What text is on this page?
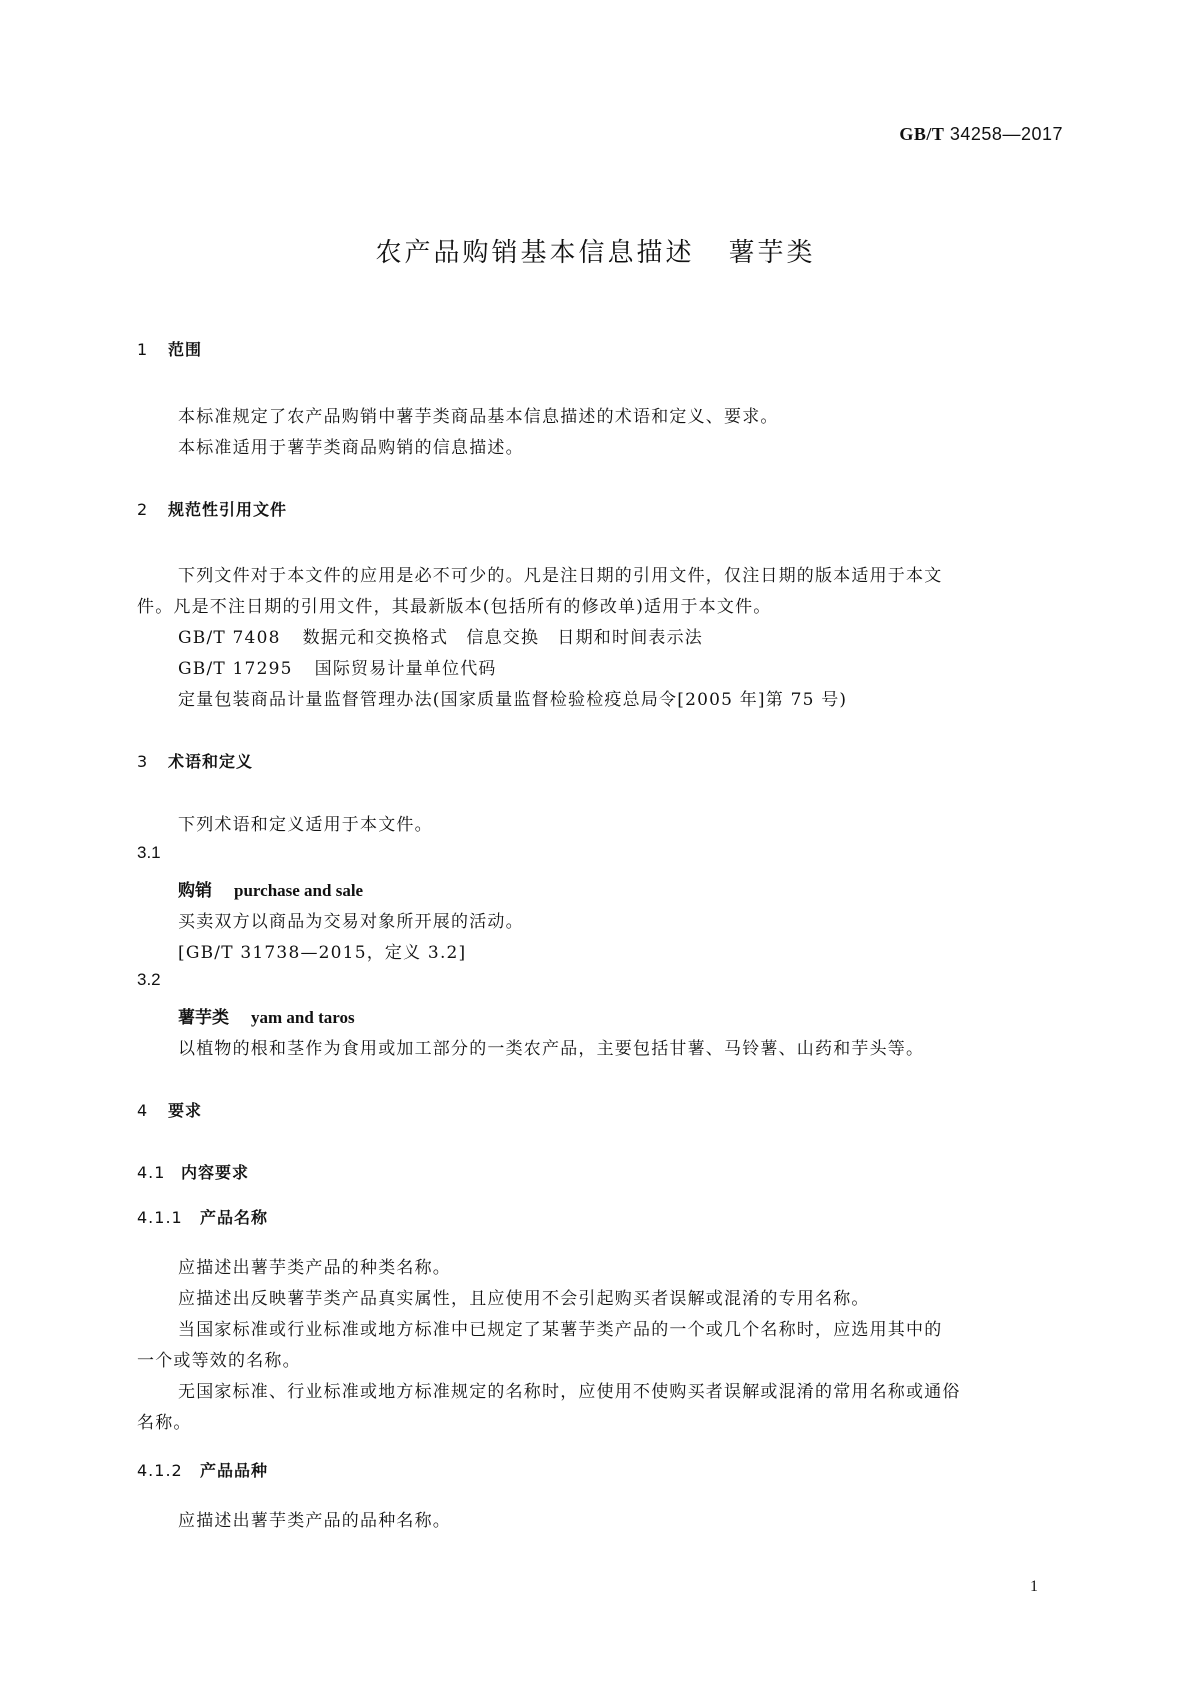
GB/T 34258—2017
农产品购销基本信息描述 薯芋类
1 范围
本标准规定了农产品购销中薯芋类商品基本信息描述的术语和定义、要求。
本标准适用于薯芋类商品购销的信息描述。
2 规范性引用文件
下列文件对于本文件的应用是必不可少的。凡是注日期的引用文件，仅注日期的版本适用于本文
件。凡是不注日期的引用文件，其最新版本(包括所有的修改单)适用于本文件。
GB/T 7408 数据元和交换格式　信息交换　日期和时间表示法
GB/T 17295 国际贸易计量单位代码
定量包装商品计量监督管理办法(国家质量监督检验检疫总局令[2005 年]第 75 号)
3 术语和定义
下列术语和定义适用于本文件。
3.1
购销 purchase and sale
买卖双方以商品为交易对象所开展的活动。
[GB/T 31738—2015，定义 3.2]
3.2
薯芋类 yam and taros
以植物的根和茎作为食用或加工部分的一类农产品，主要包括甘薯、马铃薯、山药和芋头等。
4 要求
4.1 内容要求
4.1.1 产品名称
应描述出薯芋类产品的种类名称。
应描述出反映薯芋类产品真实属性，且应使用不会引起购买者误解或混淆的专用名称。
当国家标准或行业标准或地方标准中已规定了某薯芋类产品的一个或几个名称时，应选用其中的
一个或等效的名称。
无国家标准、行业标准或地方标准规定的名称时，应使用不使购买者误解或混淆的常用名称或通俗
名称。
4.1.2 产品品种
应描述出薯芋类产品的品种名称。
1
